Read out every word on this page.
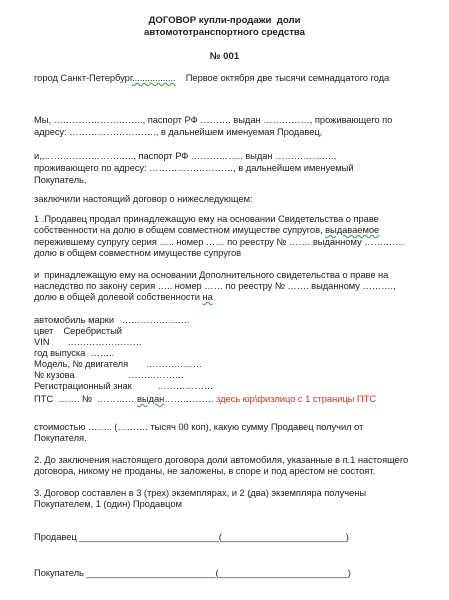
ДОГОВОР купли-продажи  доли
автомототранспортного средства
№ 001
город Санкт-Петербург................. Первое октября две тысячи семнадцатого года
Мы, ……………………….., паспорт РФ ………. выдан ……………, проживающего по
адресу: ………………………., в дальнейшем именуемая Продавец,
и,,……………………….., паспорт РФ …………….. выдан ……………….,
проживающего по адресу: ………………………, в дальнейшем именуемый
Покупатель,
заключили настоящий договор о нижеследующем:
1 .Продавец продал принадлежащую ему на основании Свидетельства о праве
собственности на долю в общем совместном имуществе супругов, выдаваемое
пережившему супругу серия ….. номер …… по реестру № ……. выданному ………….
долю в общем совместном имуществе супругов
и  принадлежащую ему на основании Дополнительного свидетельства о праве на
наследство по закону серия ….. номер …… по реестру № ……. выданному ……….,
долю в общей долевой собственности на
автомобиль марки   ………………….
цвет    Серебристый
VIN       ……………………
год выпуска  ……..
Модель, № двигателя       ………………
№ кузова                     ………………
Регистрационный знак          ………………
ПТС  ……. №  ………… выдан……………. здесь юр\физлицо с 1 страницы ПТС
стоимостью …….. (………. тысяч 00 коп), какую сумму Продавец получил от
Покупателя.
2. До заключения настоящего договора доли автомобиля, указанные в п.1 настоящего
договора, никому не проданы, не заложены, в споре и под арестом не состоят.
3. Договор составлен в 3 (трех) экземплярах, и 2 (два) экземпляра получены
Покупателем, 1 (один) Продавцом
Продавец ___________________________(________________________)
Покупатель _________________________(_________________________)
